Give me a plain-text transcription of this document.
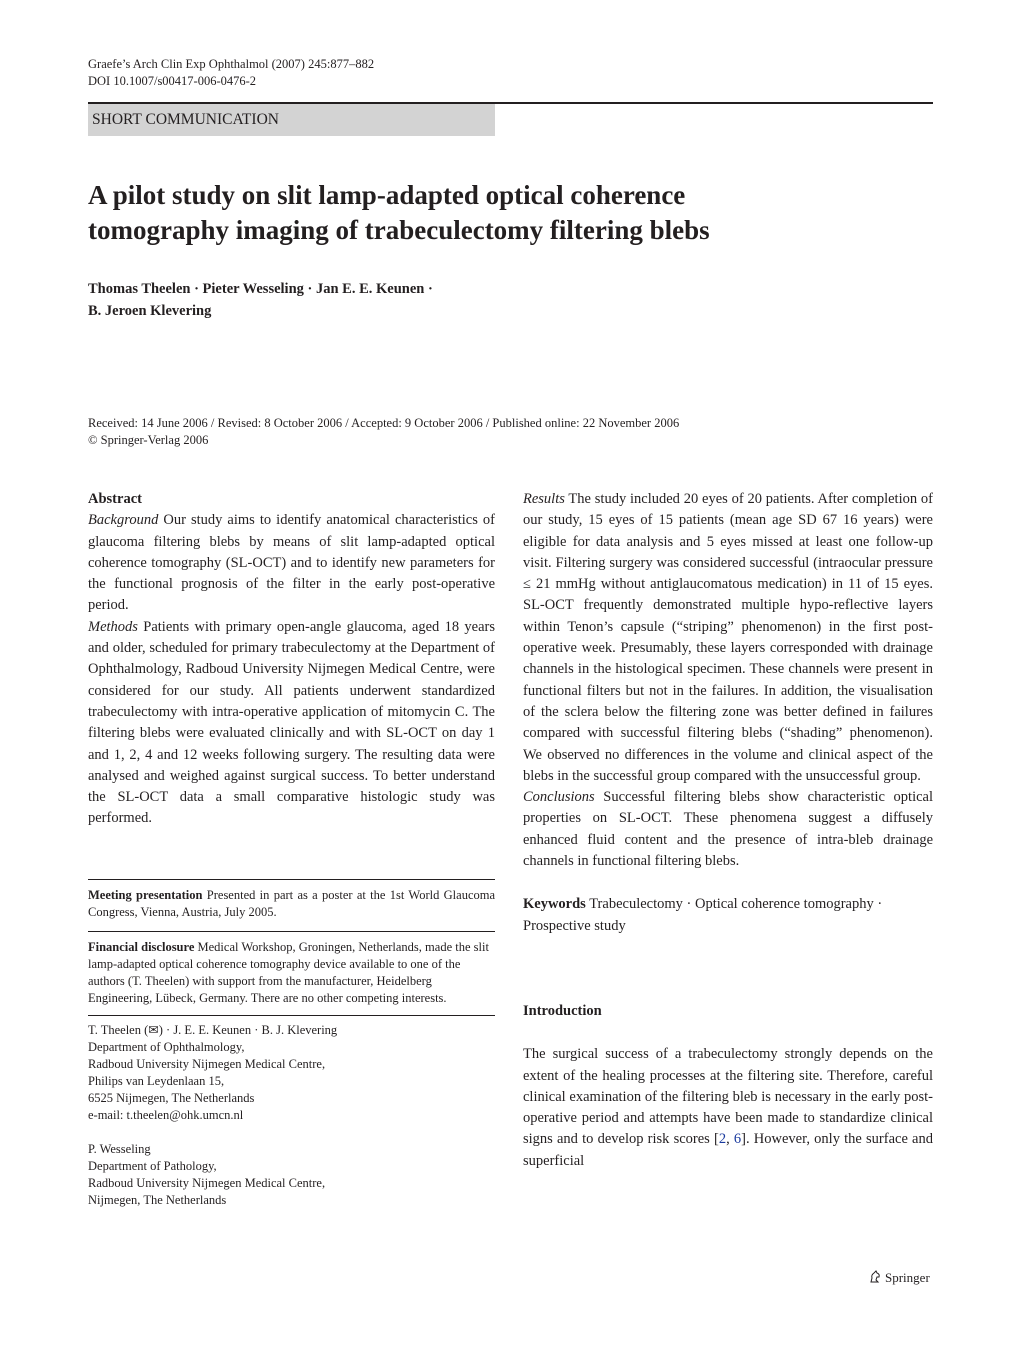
Graefe’s Arch Clin Exp Ophthalmol (2007) 245:877–882
DOI 10.1007/s00417-006-0476-2
SHORT COMMUNICATION
A pilot study on slit lamp-adapted optical coherence
tomography imaging of trabeculectomy filtering blebs
Thomas Theelen · Pieter Wesseling · Jan E. E. Keunen ·
B. Jeroen Klevering
Received: 14 June 2006 / Revised: 8 October 2006 / Accepted: 9 October 2006 / Published online: 22 November 2006
© Springer-Verlag 2006

Abstract

Background Our study aims to identify anatomical characteristics of glaucoma filtering blebs by means of slit lamp-adapted optical coherence tomography (SL-OCT) and to identify new parameters for the functional prognosis of the filter in the early post-operative period.

Methods Patients with primary open-angle glaucoma, aged 18 years and older, scheduled for primary trabeculectomy at the Department of Ophthalmology, Radboud University Nijmegen Medical Centre, were considered for our study. All patients underwent standardized trabeculectomy with intra-operative application of mitomycin C. The filtering blebs were evaluated clinically and with SL-OCT on day 1 and 1, 2, 4 and 12 weeks following surgery. The resulting data were analysed and weighed against surgical success. To better understand the SL-OCT data a small comparative histologic study was performed.

Meeting presentation Presented in part as a poster at the 1st World Glaucoma Congress, Vienna, Austria, July 2005.

Financial disclosure Medical Workshop, Groningen, Netherlands, made the slit lamp-adapted optical coherence tomography device available to one of the authors (T. Theelen) with support from the manufacturer, Heidelberg Engineering, Lübeck, Germany. There are no other competing interests.

T. Theelen (✉) · J. E. E. Keunen · B. J. Klevering
Department of Ophthalmology,
Radboud University Nijmegen Medical Centre,
Philips van Leydenlaan 15,
6525 Nijmegen, The Netherlands
e-mail: t.theelen@ohk.umcn.nl
P. Wesseling
Department of Pathology,
Radboud University Nijmegen Medical Centre,
Nijmegen, The Netherlands

Results The study included 20 eyes of 20 patients. After completion of our study, 15 eyes of 15 patients (mean age SD 67 16 years) were eligible for data analysis and 5 eyes missed at least one follow-up visit. Filtering surgery was considered successful (intraocular pressure ≤ 21 mmHg without antiglaucomatous medication) in 11 of 15 eyes. SL-OCT frequently demonstrated multiple hypo-reflective layers within Tenon’s capsule (“striping” phenomenon) in the first post-operative week. Presumably, these layers corresponded with drainage channels in the histological specimen. These channels were present in functional filters but not in the failures. In addition, the visualisation of the sclera below the filtering zone was better defined in failures compared with successful filtering blebs (“shading” phenomenon). We observed no differences in the volume and clinical aspect of the blebs in the successful group compared with the unsuccessful group.

Conclusions Successful filtering blebs show characteristic optical properties on SL-OCT. These phenomena suggest a diffusely enhanced fluid content and the presence of intra-bleb drainage channels in functional filtering blebs.

Keywords Trabeculectomy · Optical coherence tomography · Prospective study

Introduction

The surgical success of a trabeculectomy strongly depends on the extent of the healing processes at the filtering site. Therefore, careful clinical examination of the filtering bleb is necessary in the early post-operative period and attempts have been made to standardize clinical signs and to develop risk scores [2, 6]. However, only the surface and superficial

Springer
